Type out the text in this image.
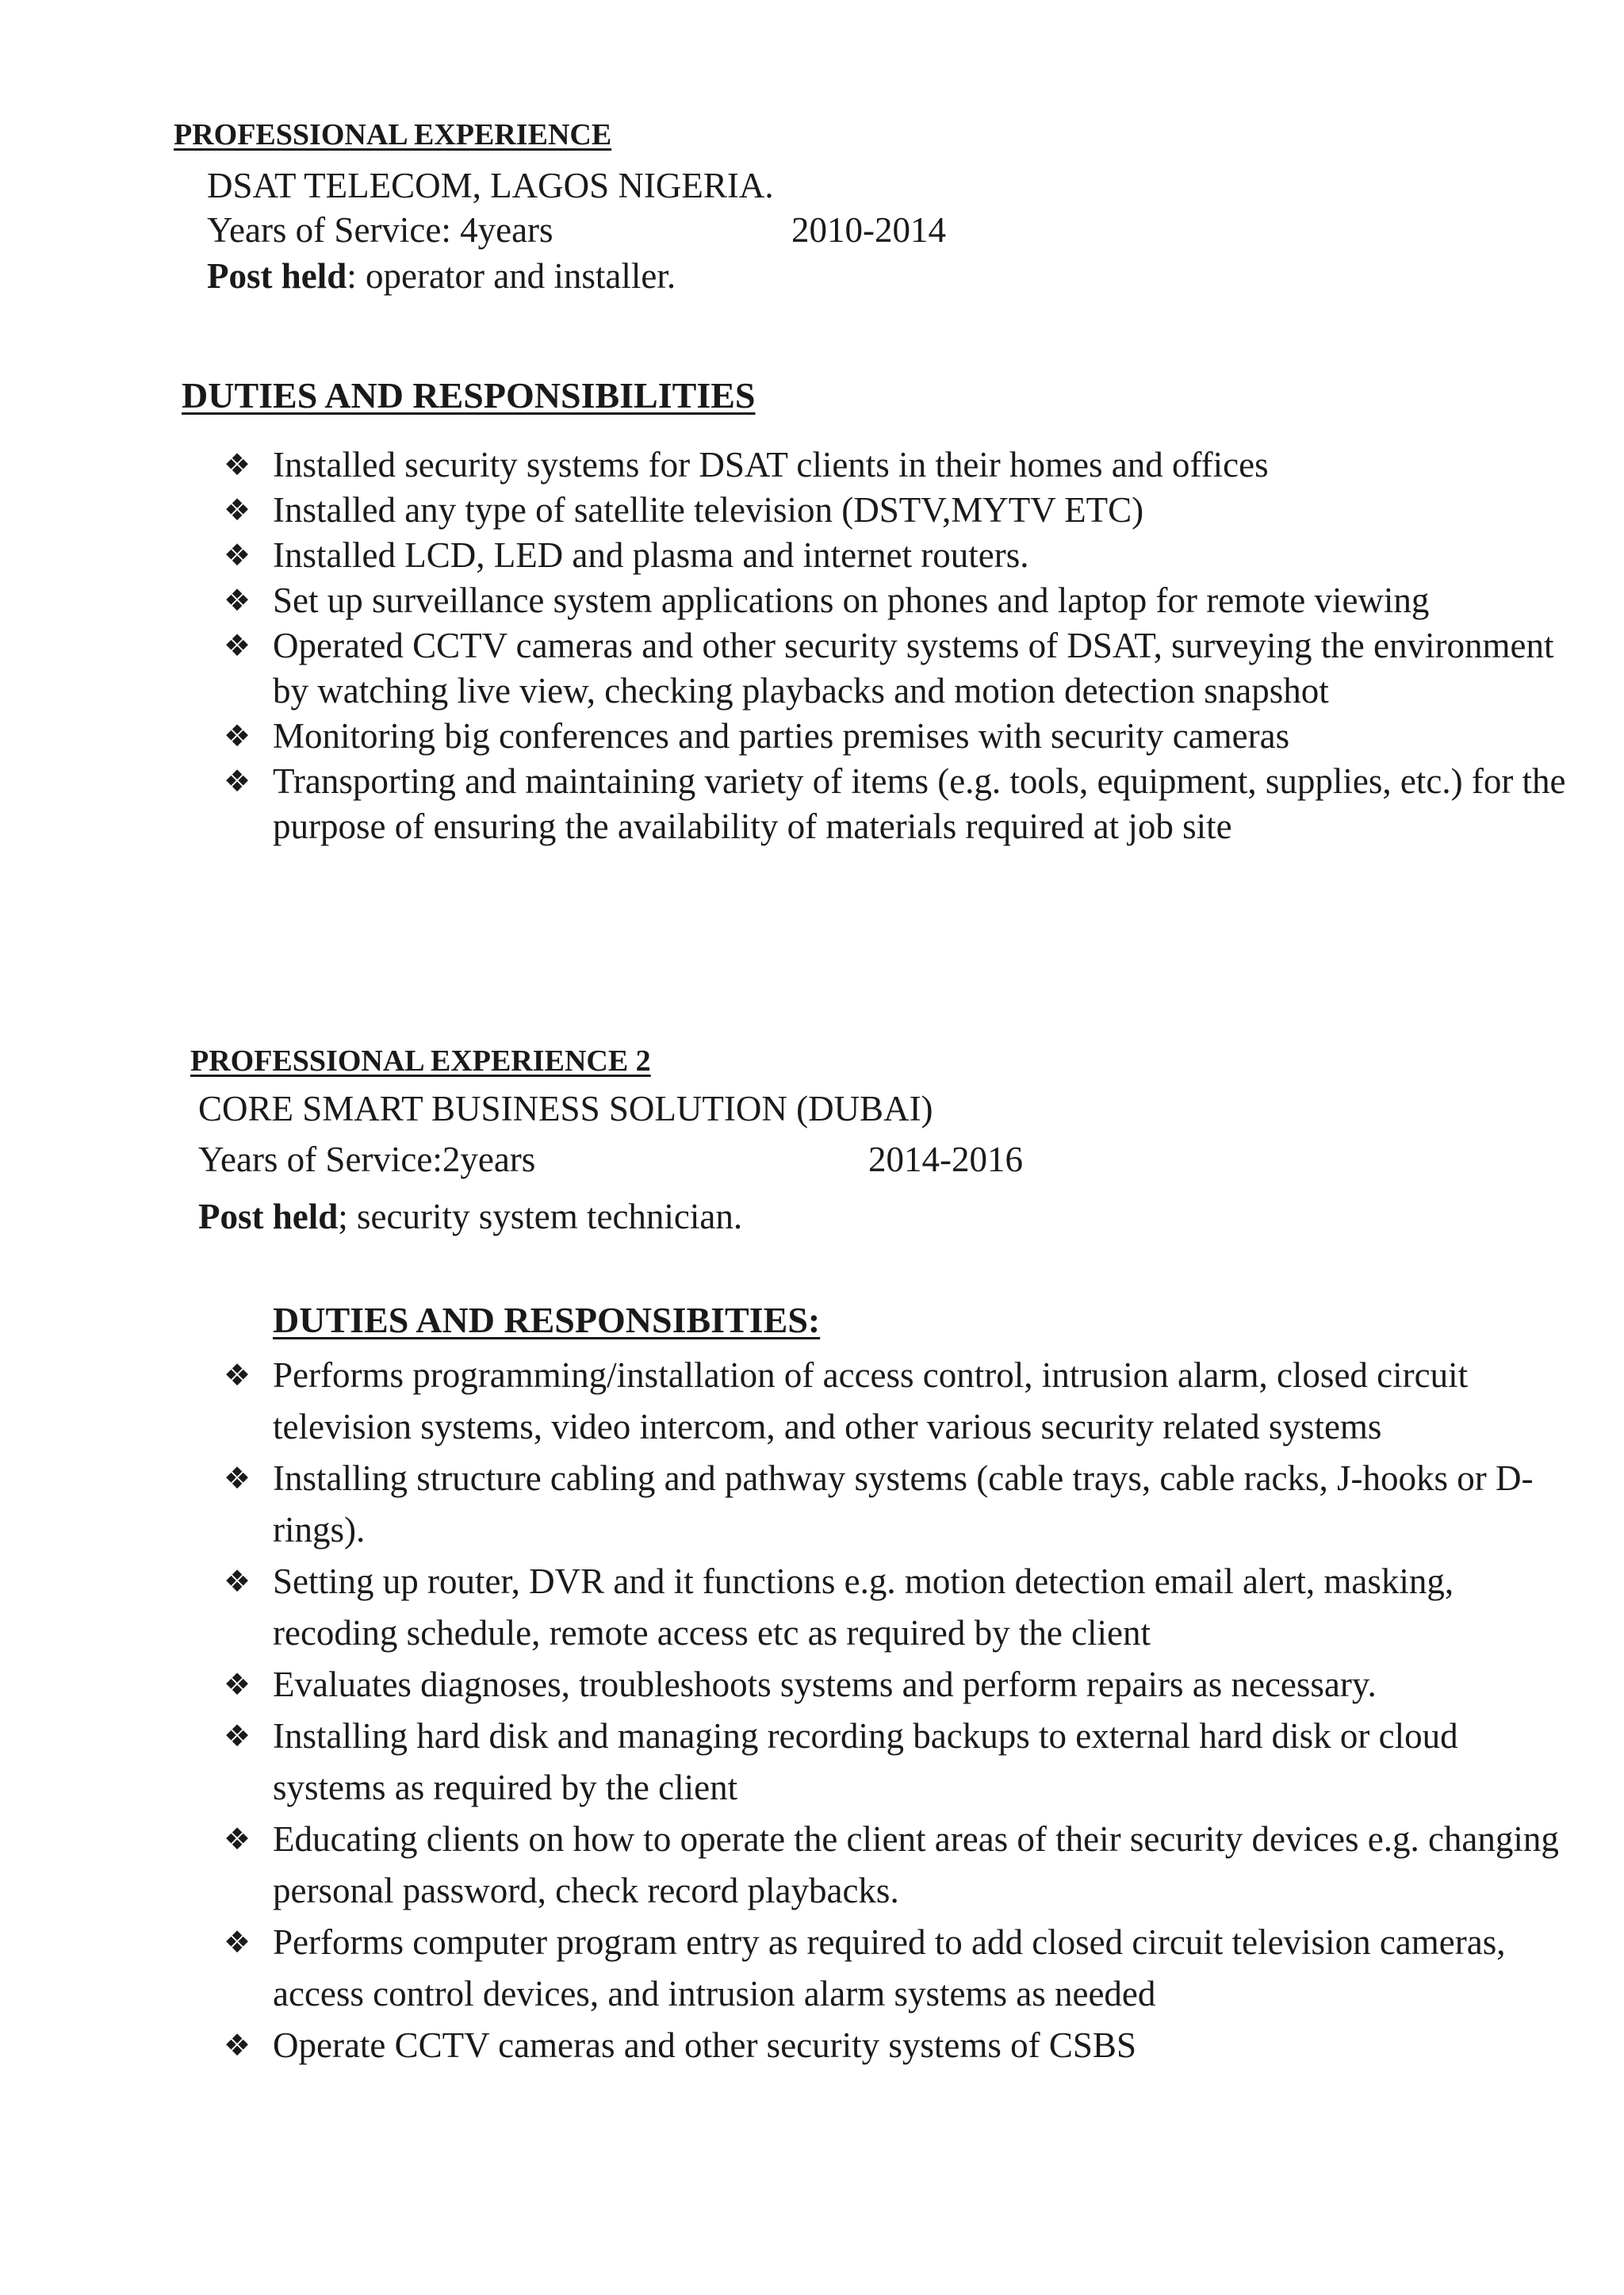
PROFESSIONAL EXPERIENCE
DSAT TELECOM, LAGOS NIGERIA.
Years of Service: 4years	2010-2014
Post held: operator and installer.
DUTIES AND RESPONSIBILITIES
❖ Installed security systems for DSAT clients in their homes and offices
❖ Installed any type of satellite television (DSTV,MYTV ETC)
❖ Installed LCD, LED and plasma and internet routers.
❖ Set up surveillance system applications on phones and laptop for remote viewing
❖ Operated CCTV cameras and other security systems of DSAT, surveying the environment by watching live view, checking playbacks and motion detection snapshot
❖ Monitoring big conferences and parties premises with security cameras
❖ Transporting and maintaining variety of items (e.g. tools, equipment, supplies, etc.) for the purpose of ensuring the availability of materials required at job site
PROFESSIONAL EXPERIENCE 2
CORE SMART BUSINESS SOLUTION (DUBAI)
Years of Service:2years	2014-2016
Post held; security system technician.
DUTIES AND RESPONSIBITIES:
❖ Performs programming/installation of access control, intrusion alarm, closed circuit television systems, video intercom, and other various security related systems
❖ Installing structure cabling and pathway systems (cable trays, cable racks, J-hooks or D-rings).
❖ Setting up router, DVR and it functions e.g. motion detection email alert, masking, recoding schedule, remote access etc as required by the client
❖ Evaluates diagnoses, troubleshoots systems and perform repairs as necessary.
❖ Installing hard disk and managing recording backups to external hard disk or cloud systems as required by the client
❖ Educating clients on how to operate the client areas of their security devices e.g. changing personal password, check record playbacks.
❖ Performs computer program entry as required to add closed circuit television cameras, access control devices, and intrusion alarm systems as needed
❖ Operate CCTV cameras and other security systems of CSBS
